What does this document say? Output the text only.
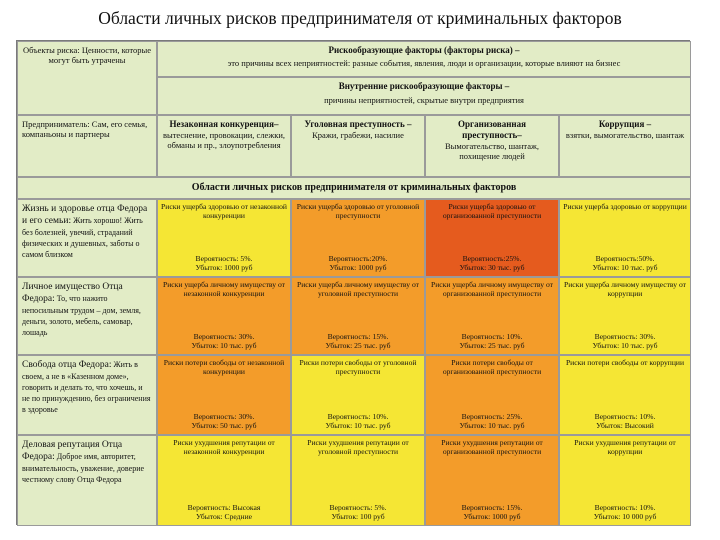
Области личных рисков предпринимателя от криминальных факторов
Объекты риска: Ценности, которые могут быть утрачены
Рискообразующие факторы (факторы риска) –
это причины всех неприятностей: разные события, явления, люди и организации, которые влияют на бизнес
Внутренние рискообразующие факторы –
причины неприятностей, скрытые внутри предприятия
Предприниматель: Сам, его семья, компаньоны и партнеры
Незаконная конкуренция–
вытеснение, провокации, слежки, обманы и пр., злоупотребления
Уголовная преступность –
Кражи, грабежи, насилие
Организованная преступность–
Вымогательство, шантаж, похищение людей
Коррупция –
взятки, вымогательство, шантаж
Области личных рисков предпринимателя от криминальных факторов
Жизнь и здоровье отца Федора и его семьи: Жить хорошо! Жить без болезней, увечий, страданий физических и душевных, заботы о самом близком
Риски ущерба здоровью от незаконной конкуренции
Вероятность: 5%.
Убыток: 1000 руб
Риски ущерба здоровью от уголовной преступности
Вероятность:20%.
Убыток: 1000 руб
Риски ущерба здоровью от организованной преступности
Вероятность:25%.
Убыток: 30 тыс. руб
Риски ущерба здоровью от коррупции
Вероятность:50%.
Убыток: 10 тыс. руб
Личное имущество Отца Федора: То, что нажито непосильным трудом – дом, земля, деньги, золото, мебель, самовар, лошадь
Риски ущерба личному имуществу от незаконной конкуренции
Вероятность: 30%.
Убыток: 10 тыс. руб
Риски ущерба личному имуществу от уголовной преступности
Вероятность: 15%.
Убыток: 25 тыс. руб
Риски ущерба личному имуществу от организованной преступности
Вероятность: 10%.
Убыток: 25 тыс. руб
Риски ущерба личному имуществу от коррупции
Вероятность: 30%.
Убыток: 10 тыс. руб
Свобода отца Федора: Жить в своем, а не в «Казенном доме», говорить и делать то, что хочешь, и не по принуждению, без ограничения в здоровье
Риски потери свободы от незаконной конкуренции
Вероятность: 30%.
Убыток: 50 тыс. руб
Риски потери свободы от уголовной преступности
Вероятность: 10%.
Убыток: 10 тыс. руб
Риски потери свободы от организованной преступности
Вероятность: 25%.
Убыток: 10 тыс. руб
Риски потери свободы от коррупции
Вероятность: 10%.
Убыток: Высокий
Деловая репутация Отца Федора: Доброе имя, авторитет, внимательность, уважение, доверие честному слову Отца Федора
Риски ухудшения репутации от незаконной конкуренции
Вероятность: Высокая
Убыток: Средние
Риски ухудшения репутации от уголовной преступности
Вероятность: 5%.
Убыток: 100 руб
Риски ухудшения репутации от организованной преступности
Вероятность: 15%.
Убыток: 1000 руб
Риски ухудшения репутации от коррупции
Вероятность: 10%.
Убыток: 10 000 руб
